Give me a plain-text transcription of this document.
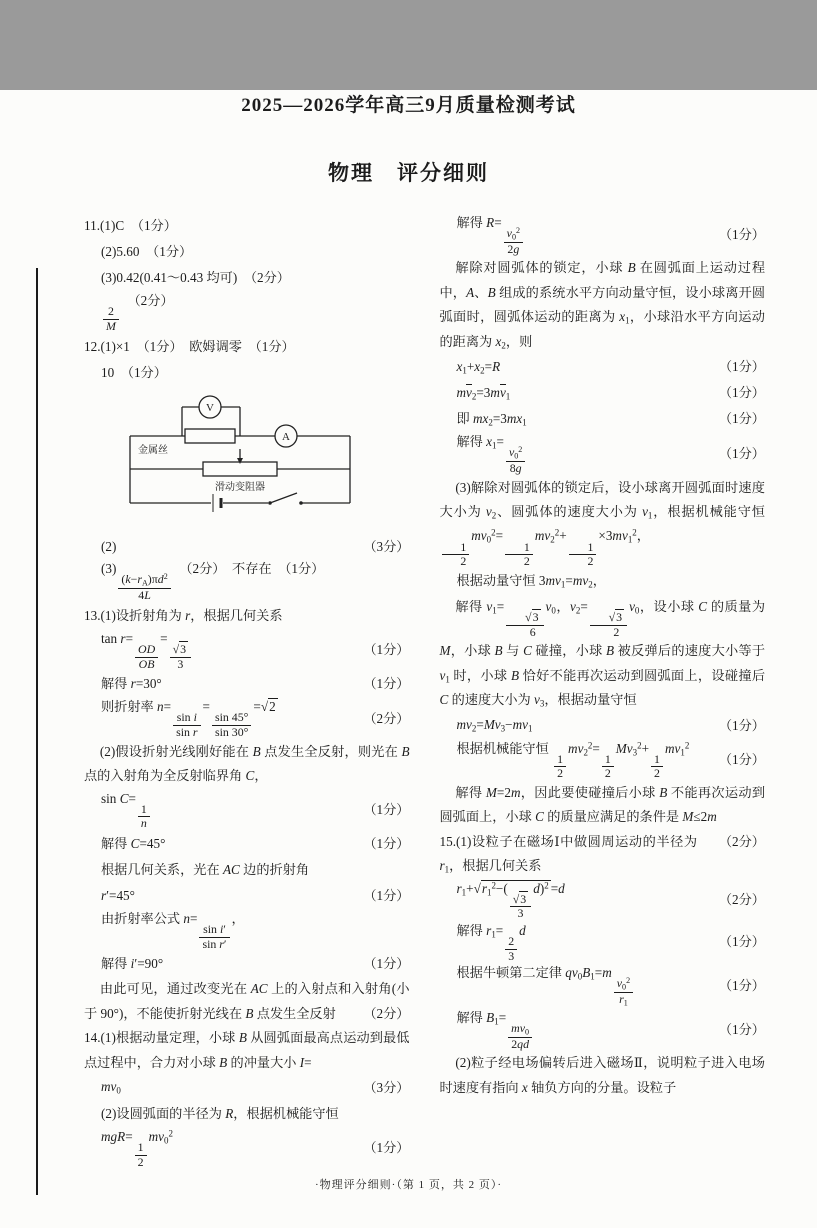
2025—2026学年高三9月质量检测考试
物理　评分细则
11.(1)C　（1分）
(2)5.60　（1分）
(3)0.42(0.41～0.43 均可)　（2分）
$\frac{2}{M}$
　（2分）
12.(1)×1　（1分）　欧姆调零　（1分）
10　（1分）
V
A
金属丝
滑动变阻器
(2)	（3分）
(3)
$\frac{(k-r_A)\pi d^2}{4L}$
　（2分）　不存在　（1分）
13.(1)设折射角为 r，根据几何关系
tan r=
$\frac{OD}{OB}$
=
$\frac{√3}{3}$	（1分）
解得 r=30°	（1分）
则折射率 n=
$\frac{\text{sin i}}{\text{sin r}}$
=
$\frac{\sin 45^\circ}{\sin 30^\circ}$
=√2
（2分）
(2)假设折射光线刚好能在 B 点发生全反射，则光在 B 点的入射角为全反射临界角 C，
sin C=
$\frac{1}{n}$	（1分）
解得 C=45°	（1分）
根据几何关系，光在 AC 边的折射角
r′=45°	（1分）
由折射率公式 n=
$\frac{\text{sin i′}}{\text{sin r′}}$
，
解得 i′=90°	（1分）
由此可见，通过改变光在 AC 上的入射点和入射角(小于 90°)，不能使折射光线在 B 点发生全反射	（2分）
14.(1)根据动量定理，小球 B 从圆弧面最高点运动到最低点过程中，合力对小球 B 的冲量大小 I=
$mv_0$	（3分）
(2)设圆弧面的半径为 R，根据机械能守恒
mgR=
$\frac{1}{2}$
$mv_0^2$
（1分）
解得 R=
$\frac{v_0^2}{2g}$	（1分）
解除对圆弧体的锁定，小球 B 在圆弧面上运动过程中，A、B 组成的系统水平方向动量守恒，设小球离开圆弧面时，圆弧体运动的距离为 $x_1$，小球沿水平方向运动的距离为 $x_2$，则
$x_1+x_2=R$	（1分）
$mv_2=3mv_1$	（1分）
即 $mx_2=3mx_1$	（1分）
解得 $x_1=$
$\frac{v_0^2}{8g}$	（1分）
(3)解除对圆弧体的锁定后，设小球离开圆弧面时速度大小为 $v_2$、圆弧体的速度大小为 $v_1$，根据机械能守恒
$\frac{1}{2}$
$mv_0^2=$
$\frac{1}{2}$
$mv_2^2+$
$\frac{1}{2}$
$\times 3mv_1^2$，
根据动量守恒 $3mv_1=mv_2$，
解得 $v_1=$
$\frac{√3}{6}$
$v_0$，$v_2=$
$\frac{√3}{2}$
$v_0$，设小球 C 的质量为 M，小球 B 与 C 碰撞，小球 B 被反弹后的速度大小等于 $v_1$ 时，小球 B 恰好不能再次运动到圆弧面上，设碰撞后 C 的速度大小为 $v_3$，根据动量守恒
$mv_2=Mv_3-mv_1$	（1分）
根据机械能守恒
$\frac{1}{2}$
$mv_2^2=$
$\frac{1}{2}$
$Mv_3^2+$
$\frac{1}{2}$
$mv_1^2$
（1分）
解得 M=2m，因此要使碰撞后小球 B 不能再次运动到圆弧面上，小球 C 的质量应满足的条件是 M≤2m
（2分）
15.(1)设粒子在磁场Ⅰ中做圆周运动的半径为 $r_1$，根据几何关系
$r_1+√r_1^2-$(
$\frac{√3}{3}$
d)$^2$ =d
（2分）
解得 $r_1=$
$\frac{2}{3}$
d
（1分）
根据牛顿第二定律 $qv_0B_1=m$
$\frac{v_0^2}{r_1}$	（1分）
解得 $B_1=$
$\frac{mv_0}{2qd}$	（1分）
(2)粒子经电场偏转后进入磁场Ⅱ，说明粒子进入电场时速度有指向 x 轴负方向的分量。设粒子
·物理评分细则·（第 1 页，共 2 页）·
